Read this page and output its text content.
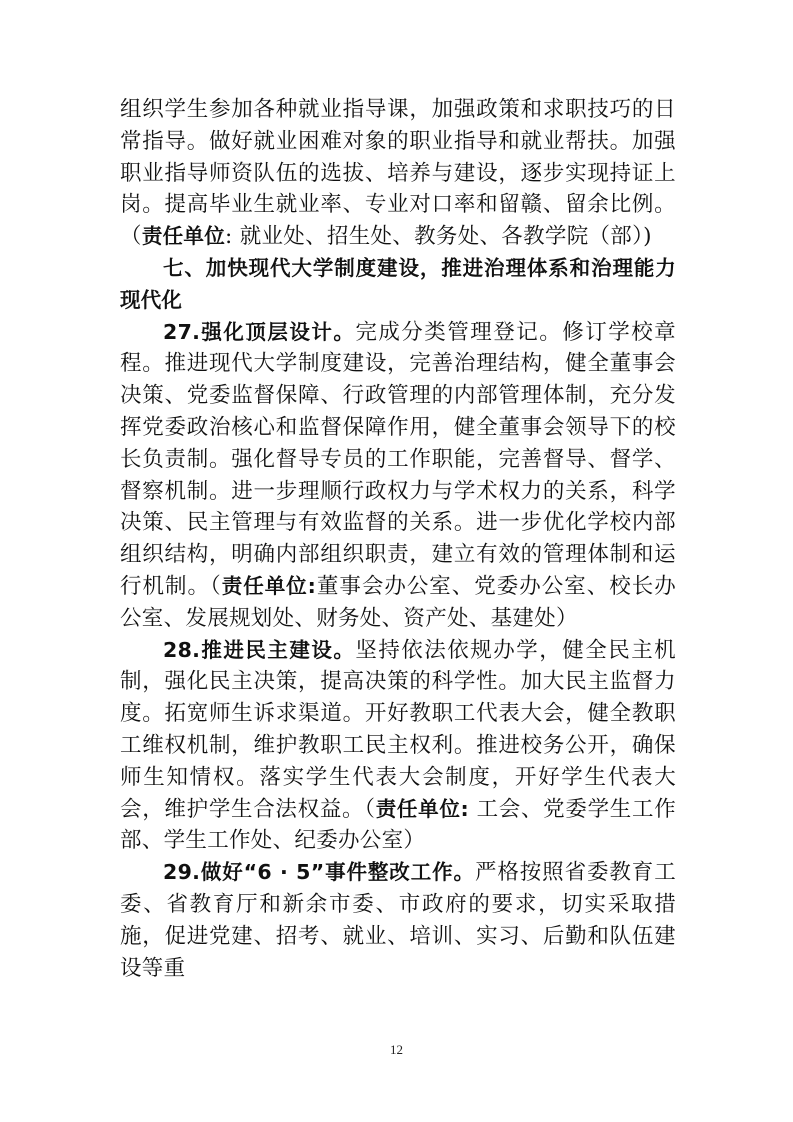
组织学生参加各种就业指导课，加强政策和求职技巧的日常指导。做好就业困难对象的职业指导和就业帮扶。加强职业指导师资队伍的选拔、培养与建设，逐步实现持证上岗。提高毕业生就业率、专业对口率和留赣、留余比例。（责任单位: 就业处、招生处、教务处、各教学院（部）)

七、加快现代大学制度建设，推进治理体系和治理能力现代化

27.强化顶层设计。完成分类管理登记。修订学校章程。推进现代大学制度建设，完善治理结构，健全董事会决策、党委监督保障、行政管理的内部管理体制，充分发挥党委政治核心和监督保障作用，健全董事会领导下的校长负责制。强化督导专员的工作职能，完善督导、督学、督察机制。进一步理顺行政权力与学术权力的关系，科学决策、民主管理与有效监督的关系。进一步优化学校内部组织结构，明确内部组织职责，建立有效的管理体制和运行机制。（责任单位:董事会办公室、党委办公室、校长办公室、发展规划处、财务处、资产处、基建处）

28.推进民主建设。坚持依法依规办学，健全民主机制，强化民主决策，提高决策的科学性。加大民主监督力度。拓宽师生诉求渠道。开好教职工代表大会，健全教职工维权机制，维护教职工民主权利。推进校务公开，确保师生知情权。落实学生代表大会制度，开好学生代表大会，维护学生合法权益。（责任单位: 工会、党委学生工作部、学生工作处、纪委办公室）

29.做好“6 · 5”事件整改工作。严格按照省委教育工委、省教育厅和新余市委、市政府的要求，切实采取措施，促进党建、招考、就业、培训、实习、后勤和队伍建设等重

12
